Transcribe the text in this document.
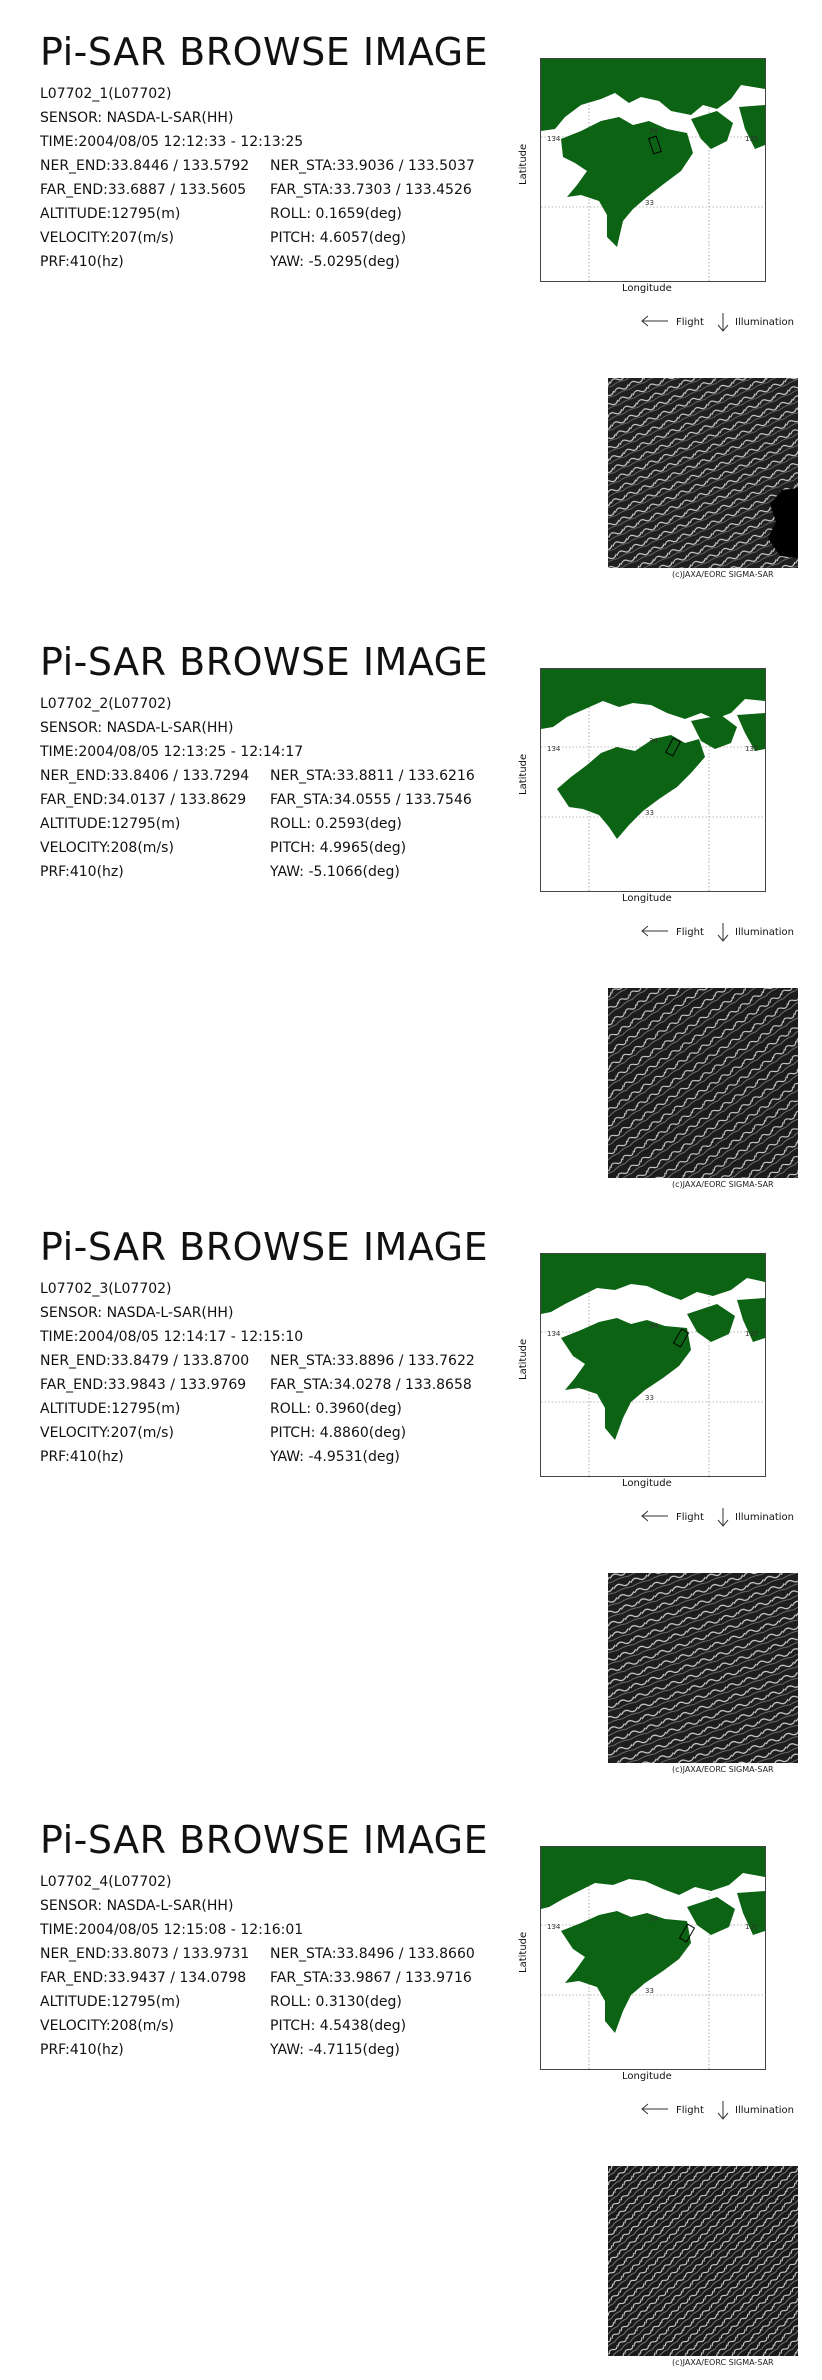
Pi-SAR BROWSE IMAGE
L07702_1(L07702)
SENSOR: NASDA-L-SAR(HH)
TIME:2004/08/05 12:12:33 - 12:13:25
NER_END:33.8446 / 133.5792 NER_STA:33.9036 / 133.5037
FAR_END:33.6887 / 133.5605 FAR_STA:33.7303 / 133.4526
ALTITUDE:12795(m)	ROLL: 0.1659(deg)
VELOCITY:207(m/s)	PITCH: 4.6057(deg)
PRF:410(hz)	YAW: -5.0295(deg)
134
34
33
135
Latitude
Longitude
Flight	Illumination
(c)JAXA/EORC SIGMA-SAR
Pi-SAR BROWSE IMAGE
L07702_2(L07702)
SENSOR: NASDA-L-SAR(HH)
TIME:2004/08/05 12:13:25 - 12:14:17
NER_END:33.8406 / 133.7294 NER_STA:33.8811 / 133.6216
FAR_END:34.0137 / 133.8629 FAR_STA:34.0555 / 133.7546
ALTITUDE:12795(m)	ROLL: 0.2593(deg)
VELOCITY:208(m/s)	PITCH: 4.9965(deg)
PRF:410(hz)	YAW: -5.1066(deg)
134
34
33
135
Latitude
Longitude
Flight	Illumination
(c)JAXA/EORC SIGMA-SAR
Pi-SAR BROWSE IMAGE
L07702_3(L07702)
SENSOR: NASDA-L-SAR(HH)
TIME:2004/08/05 12:14:17 - 12:15:10
NER_END:33.8479 / 133.8700 NER_STA:33.8896 / 133.7622
FAR_END:33.9843 / 133.9769 FAR_STA:34.0278 / 133.8658
ALTITUDE:12795(m)	ROLL: 0.3960(deg)
VELOCITY:207(m/s)	PITCH: 4.8860(deg)
PRF:410(hz)	YAW: -4.9531(deg)
134
34
33
135
Latitude
Longitude
Flight	Illumination
(c)JAXA/EORC SIGMA-SAR
Pi-SAR BROWSE IMAGE
L07702_4(L07702)
SENSOR: NASDA-L-SAR(HH)
TIME:2004/08/05 12:15:08 - 12:16:01
NER_END:33.8073 / 133.9731 NER_STA:33.8496 / 133.8660
FAR_END:33.9437 / 134.0798 FAR_STA:33.9867 / 133.9716
ALTITUDE:12795(m)	ROLL: 0.3130(deg)
VELOCITY:208(m/s)	PITCH: 4.5438(deg)
PRF:410(hz)	YAW: -4.7115(deg)
134
34
33
135
Latitude
Longitude
Flight	Illumination
(c)JAXA/EORC SIGMA-SAR
